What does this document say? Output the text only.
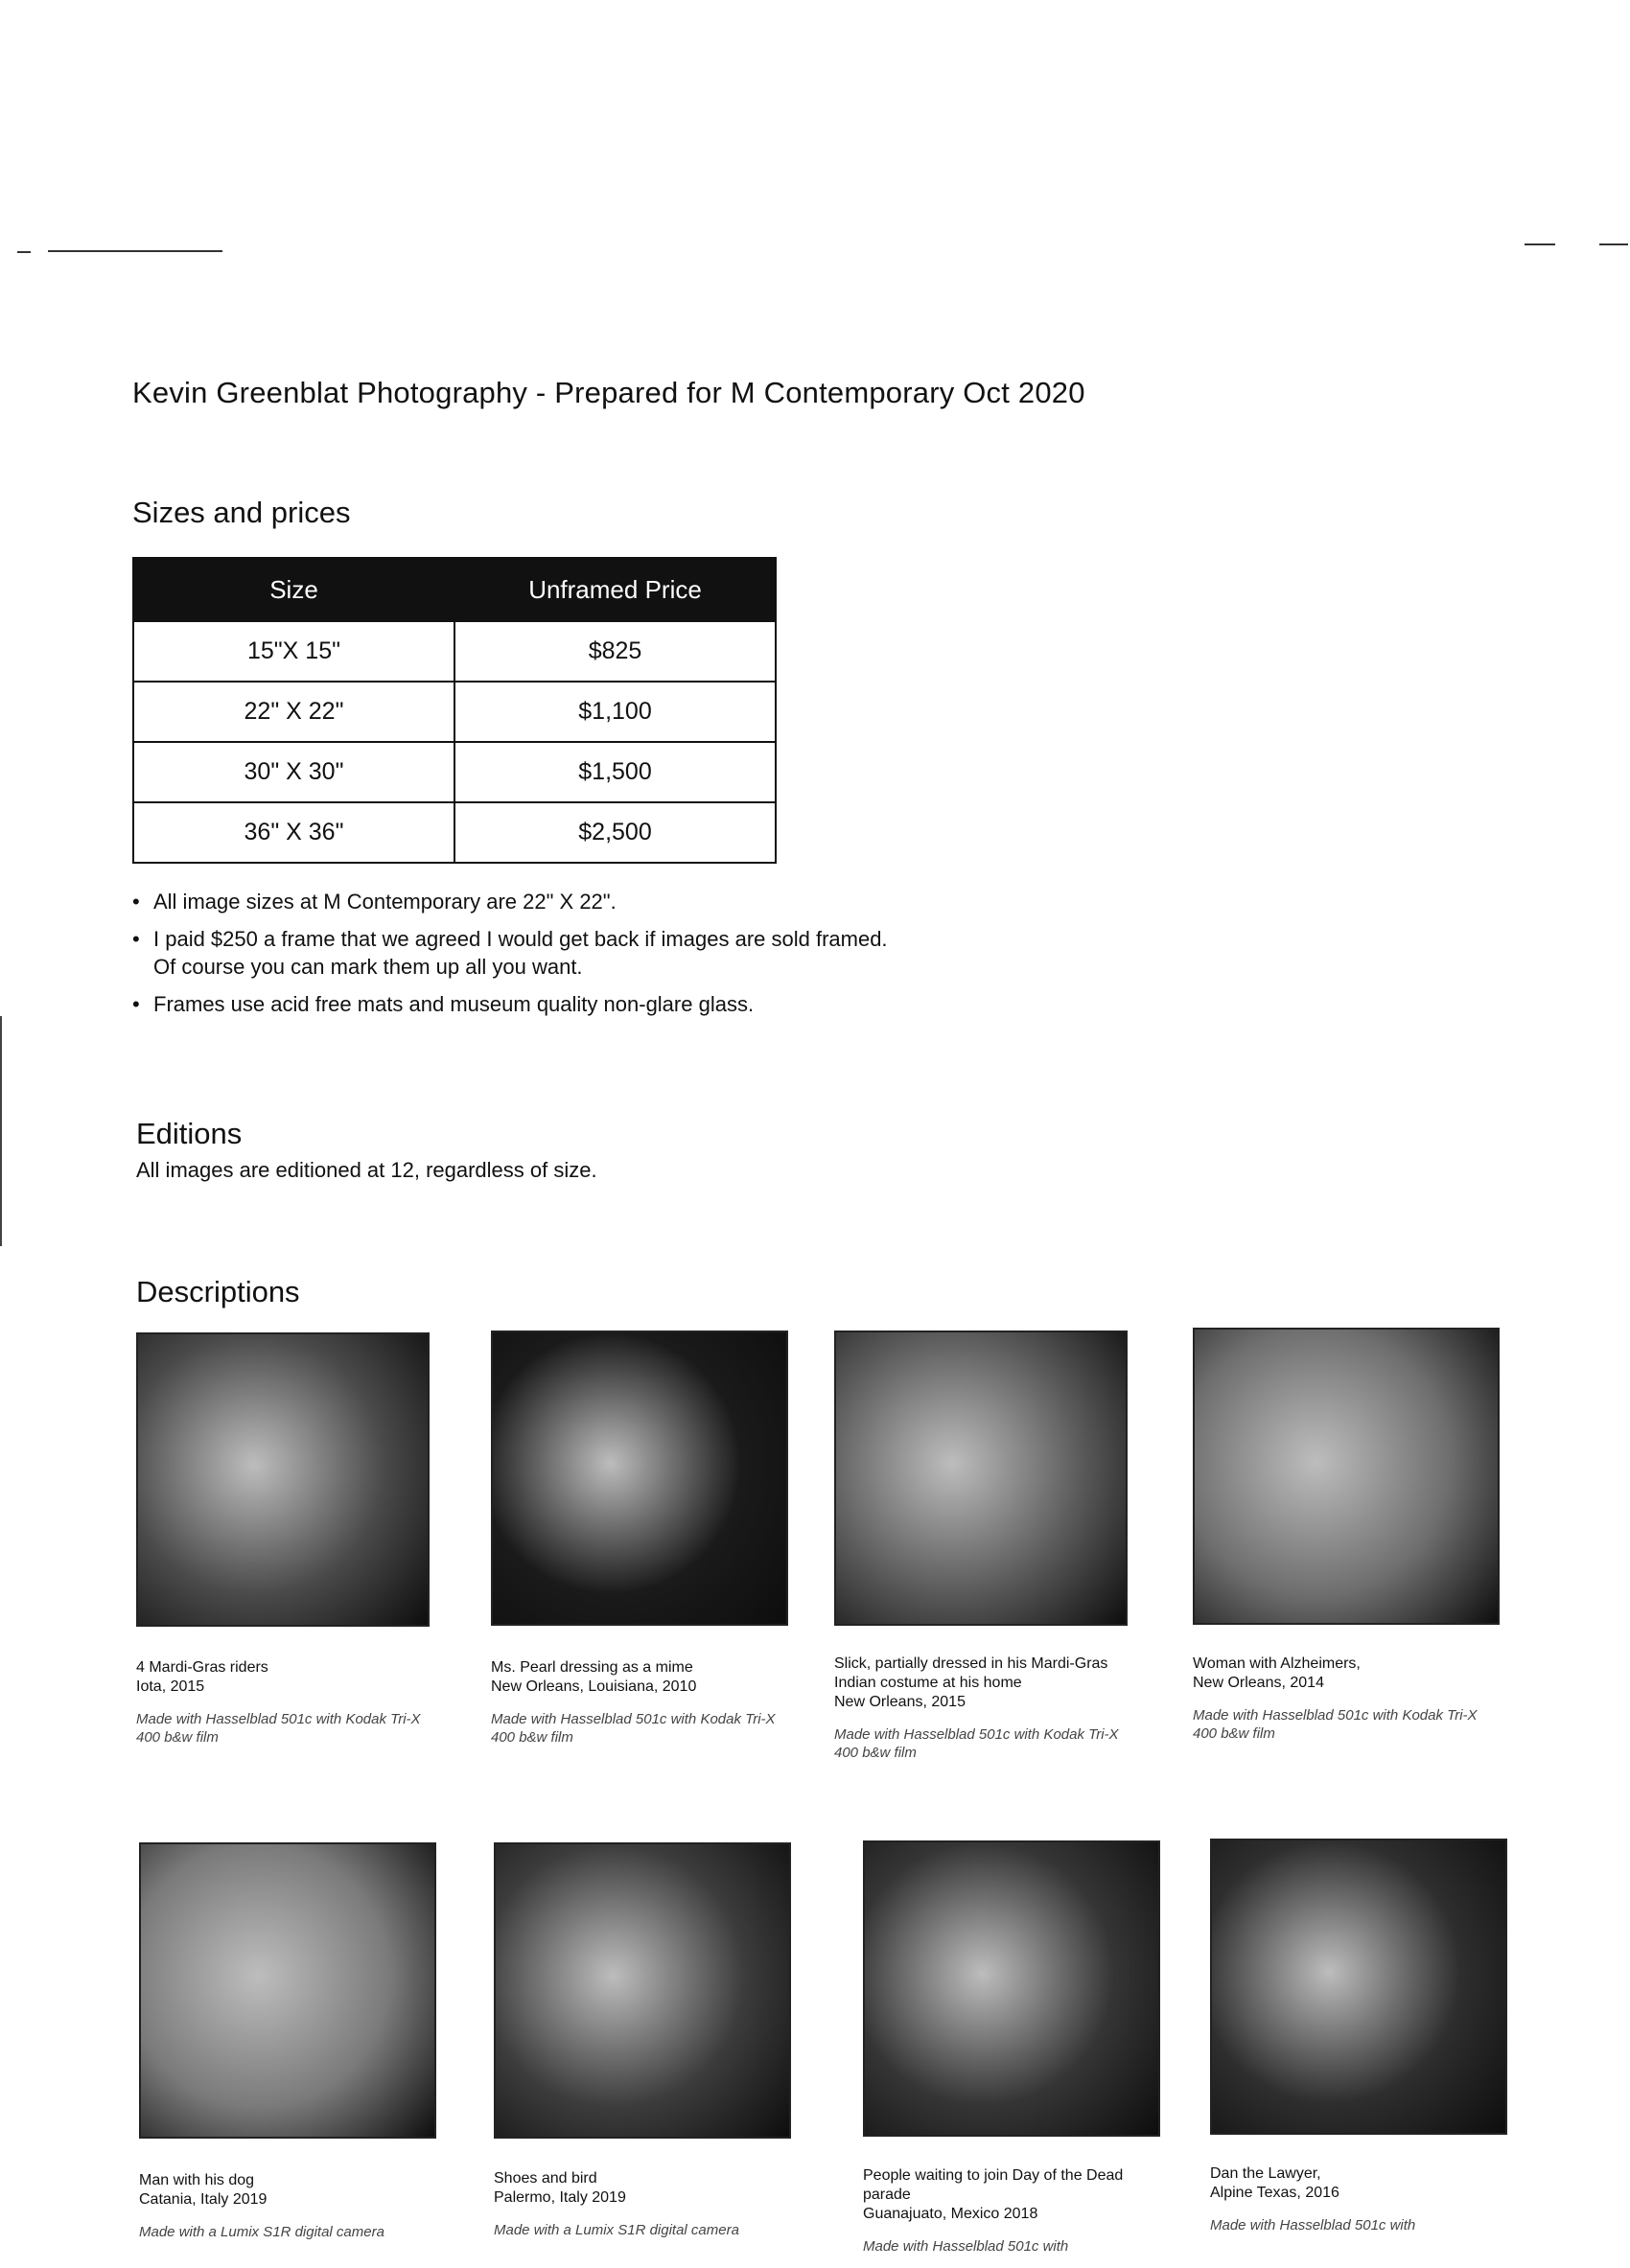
Kevin Greenblat Photography - Prepared for M Contemporary Oct 2020
Sizes and prices
Size	Unframed Price
15"X 15"	$825
22" X 22"	$1,100
30" X 30"	$1,500
36" X 36"	$2,500
• All image sizes at M Contemporary are 22" X 22".
• I paid $250 a frame that we agreed I would get back if images are sold framed. Of course you can mark them up all you want.
• Frames use acid free mats and museum quality non-glare glass.
Editions
All images are editioned at 12, regardless of size.
Descriptions
4 Mardi-Gras riders
Iota, 2015
Made with Hasselblad 501c with Kodak Tri-X 400 b&w film
Ms. Pearl dressing as a mime
New Orleans, Louisiana, 2010
Made with Hasselblad 501c with Kodak Tri-X 400 b&w film
Slick, partially dressed in his Mardi-Gras Indian costume at his home
New Orleans, 2015
Made with Hasselblad 501c with Kodak Tri-X 400 b&w film
Woman with Alzheimers,
New Orleans, 2014
Made with Hasselblad 501c with Kodak Tri-X 400 b&w film
Man with his dog
Catania, Italy 2019
Made with a Lumix S1R digital camera
Shoes and bird
Palermo, Italy 2019
Made with a Lumix S1R digital camera
People waiting to join Day of the Dead parade
Guanajuato, Mexico 2018
Made with Hasselblad 501c with
Dan the Lawyer,
Alpine Texas, 2016
Made with Hasselblad 501c with
